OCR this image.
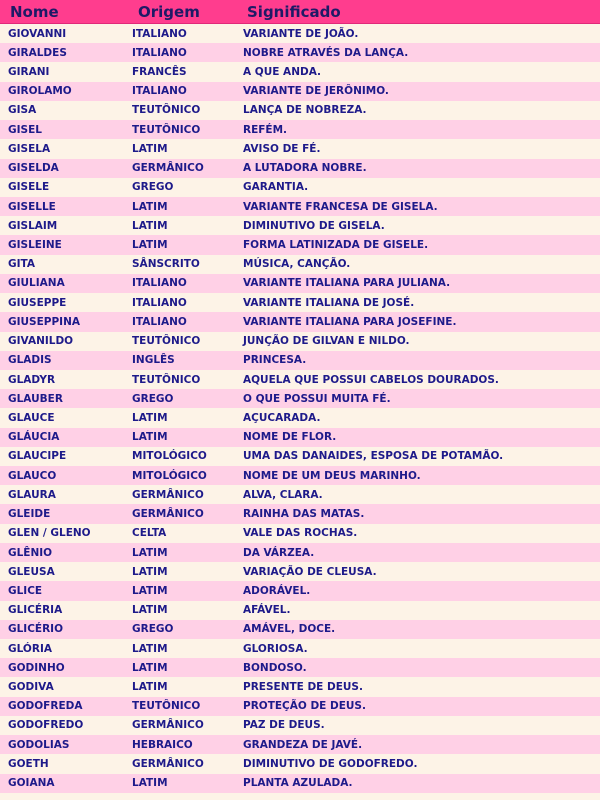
Nome	Origem	Significado
GIOVANNI	ITALIANO	VARIANTE DE JOÃO.
GIRALDES	ITALIANO	NOBRE ATRAVÉS DA LANÇA.
GIRANI	FRANCÊS	A QUE ANDA.
GIROLAMO	ITALIANO	VARIANTE DE JERÔNIMO.
GISA	TEUTÔNICO	LANÇA DE NOBREZA.
GISEL	TEUTÔNICO	REFÉM.
GISELA	LATIM	AVISO DE FÉ.
GISELDA	GERMÂNICO	A LUTADORA NOBRE.
GISELE	GREGO	GARANTIA.
GISELLE	LATIM	VARIANTE FRANCESA DE GISELA.
GISLAIM	LATIM	DIMINUTIVO DE GISELA.
GISLEINE	LATIM	FORMA LATINIZADA DE GISELE.
GITA	SÂNSCRITO	MÚSICA, CANÇÃO.
GIULIANA	ITALIANO	VARIANTE ITALIANA PARA JULIANA.
GIUSEPPE	ITALIANO	VARIANTE ITALIANA DE JOSÉ.
GIUSEPPINA	ITALIANO	VARIANTE ITALIANA PARA JOSEFINE.
GIVANILDO	TEUTÔNICO	JUNÇÃO DE GILVAN E NILDO.
GLADIS	INGLÊS	PRINCESA.
GLADYR	TEUTÔNICO	AQUELA QUE POSSUI CABELOS DOURADOS.
GLAUBER	GREGO	O QUE POSSUI MUITA FÉ.
GLAUCE	LATIM	AÇUCARADA.
GLÁUCIA	LATIM	NOME DE FLOR.
GLAUCIPE	MITOLÓGICO	UMA DAS DANAIDES, ESPOSA DE POTAMÃO.
GLAUCO	MITOLÓGICO	NOME DE UM DEUS MARINHO.
GLAURA	GERMÂNICO	ALVA, CLARA.
GLEIDE	GERMÂNICO	RAINHA DAS MATAS.
GLEN / GLENO	CELTA	VALE DAS ROCHAS.
GLÊNIO	LATIM	DA VÁRZEA.
GLEUSA	LATIM	VARIAÇÃO DE CLEUSA.
GLICE	LATIM	ADORÁVEL.
GLICÉRIA	LATIM	AFÁVEL.
GLICÉRIO	GREGO	AMÁVEL, DOCE.
GLÓRIA	LATIM	GLORIOSA.
GODINHO	LATIM	BONDOSO.
GODIVA	LATIM	PRESENTE DE DEUS.
GODOFREDA	TEUTÔNICO	PROTEÇÃO DE DEUS.
GODOFREDO	GERMÂNICO	PAZ DE DEUS.
GODOLIAS	HEBRAICO	GRANDEZA DE JAVÉ.
GOETH	GERMÂNICO	DIMINUTIVO DE GODOFREDO.
GOIANA	LATIM	PLANTA AZULADA.
